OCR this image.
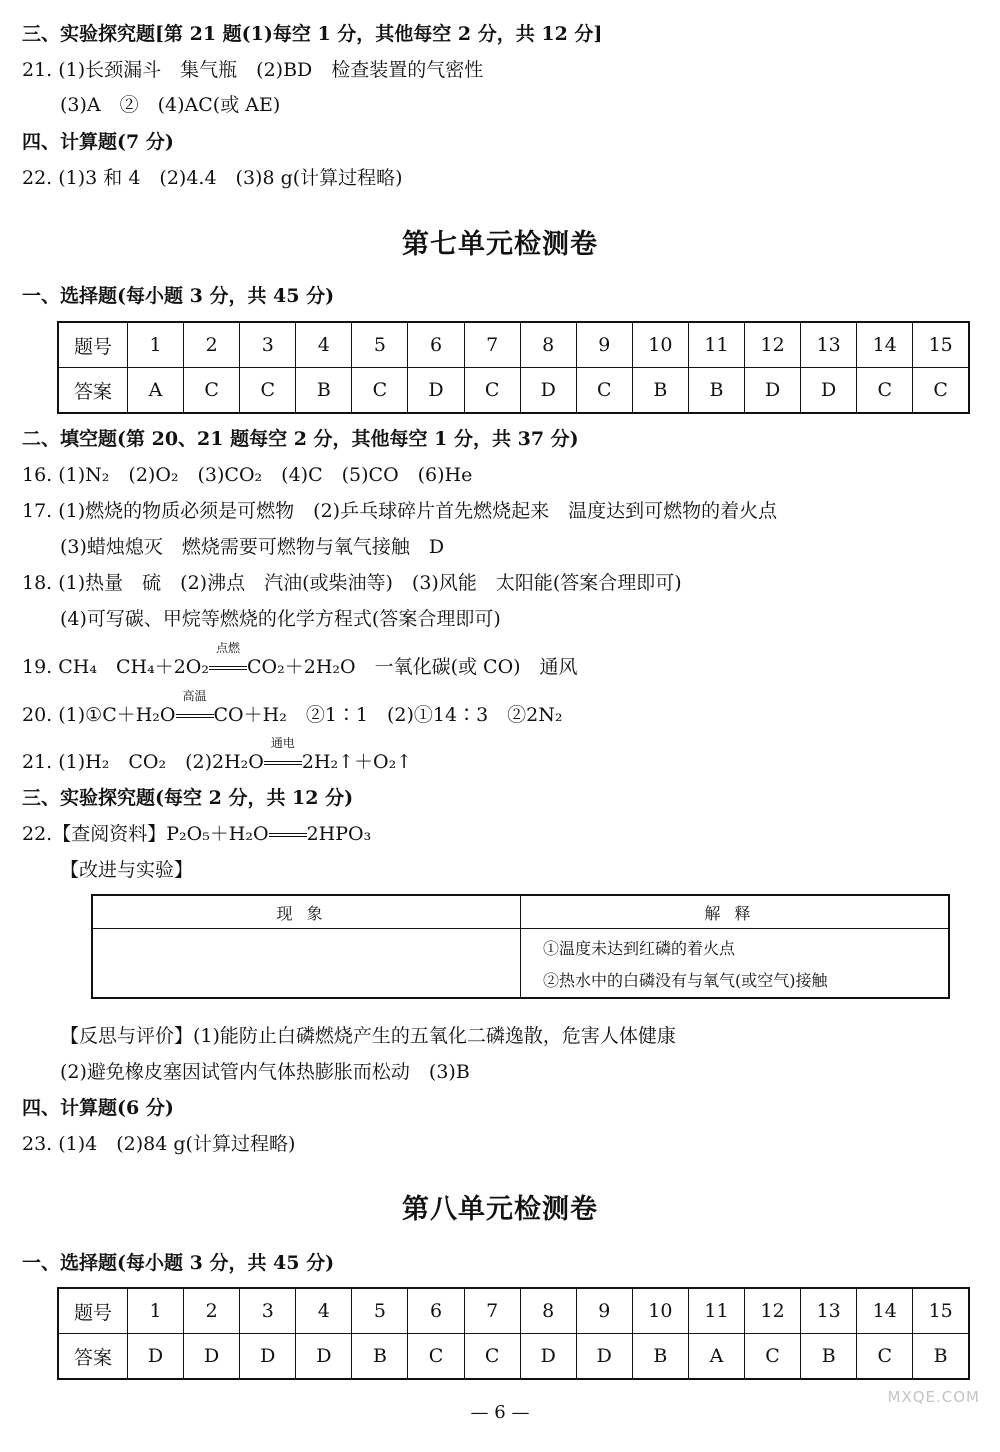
三、实验探究题[第 21 题(1)每空 1 分，其他每空 2 分，共 12 分]
21. (1)长颈漏斗　集气瓶　(2)BD　检查装置的气密性
(3)A　②　(4)AC(或 AE)
四、计算题(7 分)
22. (1)3 和 4　(2)4.4　(3)8 g(计算过程略)
第七单元检测卷
一、选择题(每小题 3 分，共 45 分)
题号	1	2	3	4	5	6	7	8	9	10	11	12	13	14	15
答案	A	C	C	B	C	D	C	D	C	B	B	D	D	C	C
二、填空题(第 20、21 题每空 2 分，其他每空 1 分，共 37 分)
16. (1)N₂　(2)O₂　(3)CO₂　(4)C　(5)CO　(6)He
17. (1)燃烧的物质必须是可燃物　(2)乒乓球碎片首先燃烧起来　温度达到可燃物的着火点
(3)蜡烛熄灭　燃烧需要可燃物与氧气接触　D
18. (1)热量　硫　(2)沸点　汽油(或柴油等)　(3)风能　太阳能(答案合理即可)
(4)可写碳、甲烷等燃烧的化学方程式(答案合理即可)
19. CH₄　CH₄＋2O₂
点燃
CO₂＋2H₂O　一氧化碳(或 CO)　通风
20. (1)①C＋H₂O
高温
CO＋H₂　②1∶1　(2)①14∶3　②2N₂
21. (1)H₂　CO₂　(2)2H₂O
通电
2H₂↑＋O₂↑
三、实验探究题(每空 2 分，共 12 分)
22.【查阅资料】P₂O₅＋H₂O 2HPO₃
【改进与实验】
现象	解释

	①温度未达到红磷的着火点
②热水中的白磷没有与氧气(或空气)接触
【反思与评价】(1)能防止白磷燃烧产生的五氧化二磷逸散，危害人体健康
(2)避免橡皮塞因试管内气体热膨胀而松动　(3)B
四、计算题(6 分)
23. (1)4　(2)84 g(计算过程略)
第八单元检测卷
一、选择题(每小题 3 分，共 45 分)
题号	1	2	3	4	5	6	7	8	9	10	11	12	13	14	15
答案	D	D	D	D	B	C	C	D	D	B	A	C	B	C	B
— 6 —
MXQE.COM
